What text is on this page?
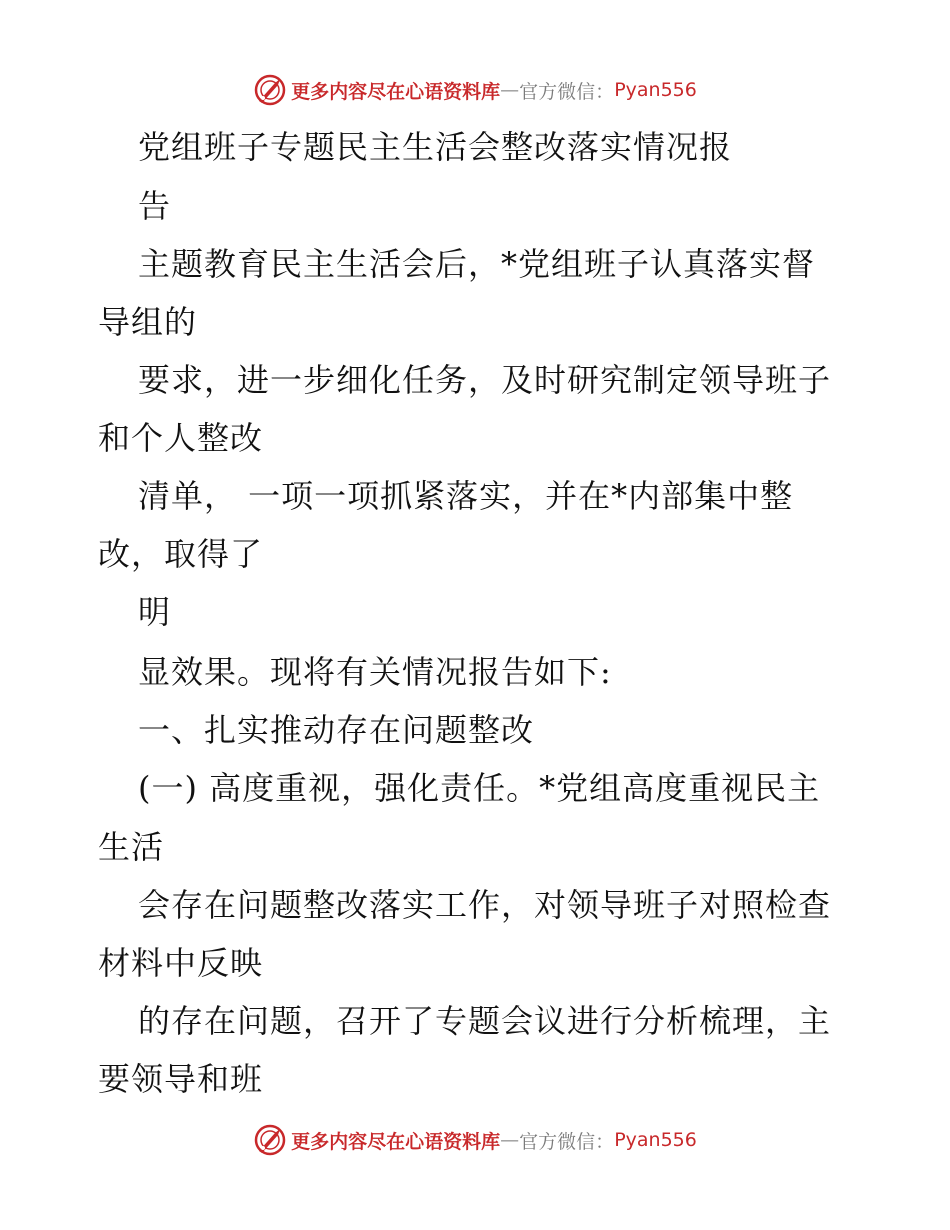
更多内容尽在心语资料库 — 官方微信： Pyan556
党组班子专题民主生活会整改落实情况报
告
主题教育民主生活会后，*党组班子认真落实督
导组的
要求，进一步细化任务，及时研究制定领导班子
和个人整改
清单， 一项一项抓紧落实，并在*内部集中整
改，取得了
明
显效果。现将有关情况报告如下:
一、扎实推动存在问题整改
(一) 高度重视，强化责任。*党组高度重视民主
生活
会存在问题整改落实工作，对领导班子对照检查
材料中反映
的存在问题，召开了专题会议进行分析梳理，主
要领导和班
更多内容尽在心语资料库 — 官方微信： Pyan556
